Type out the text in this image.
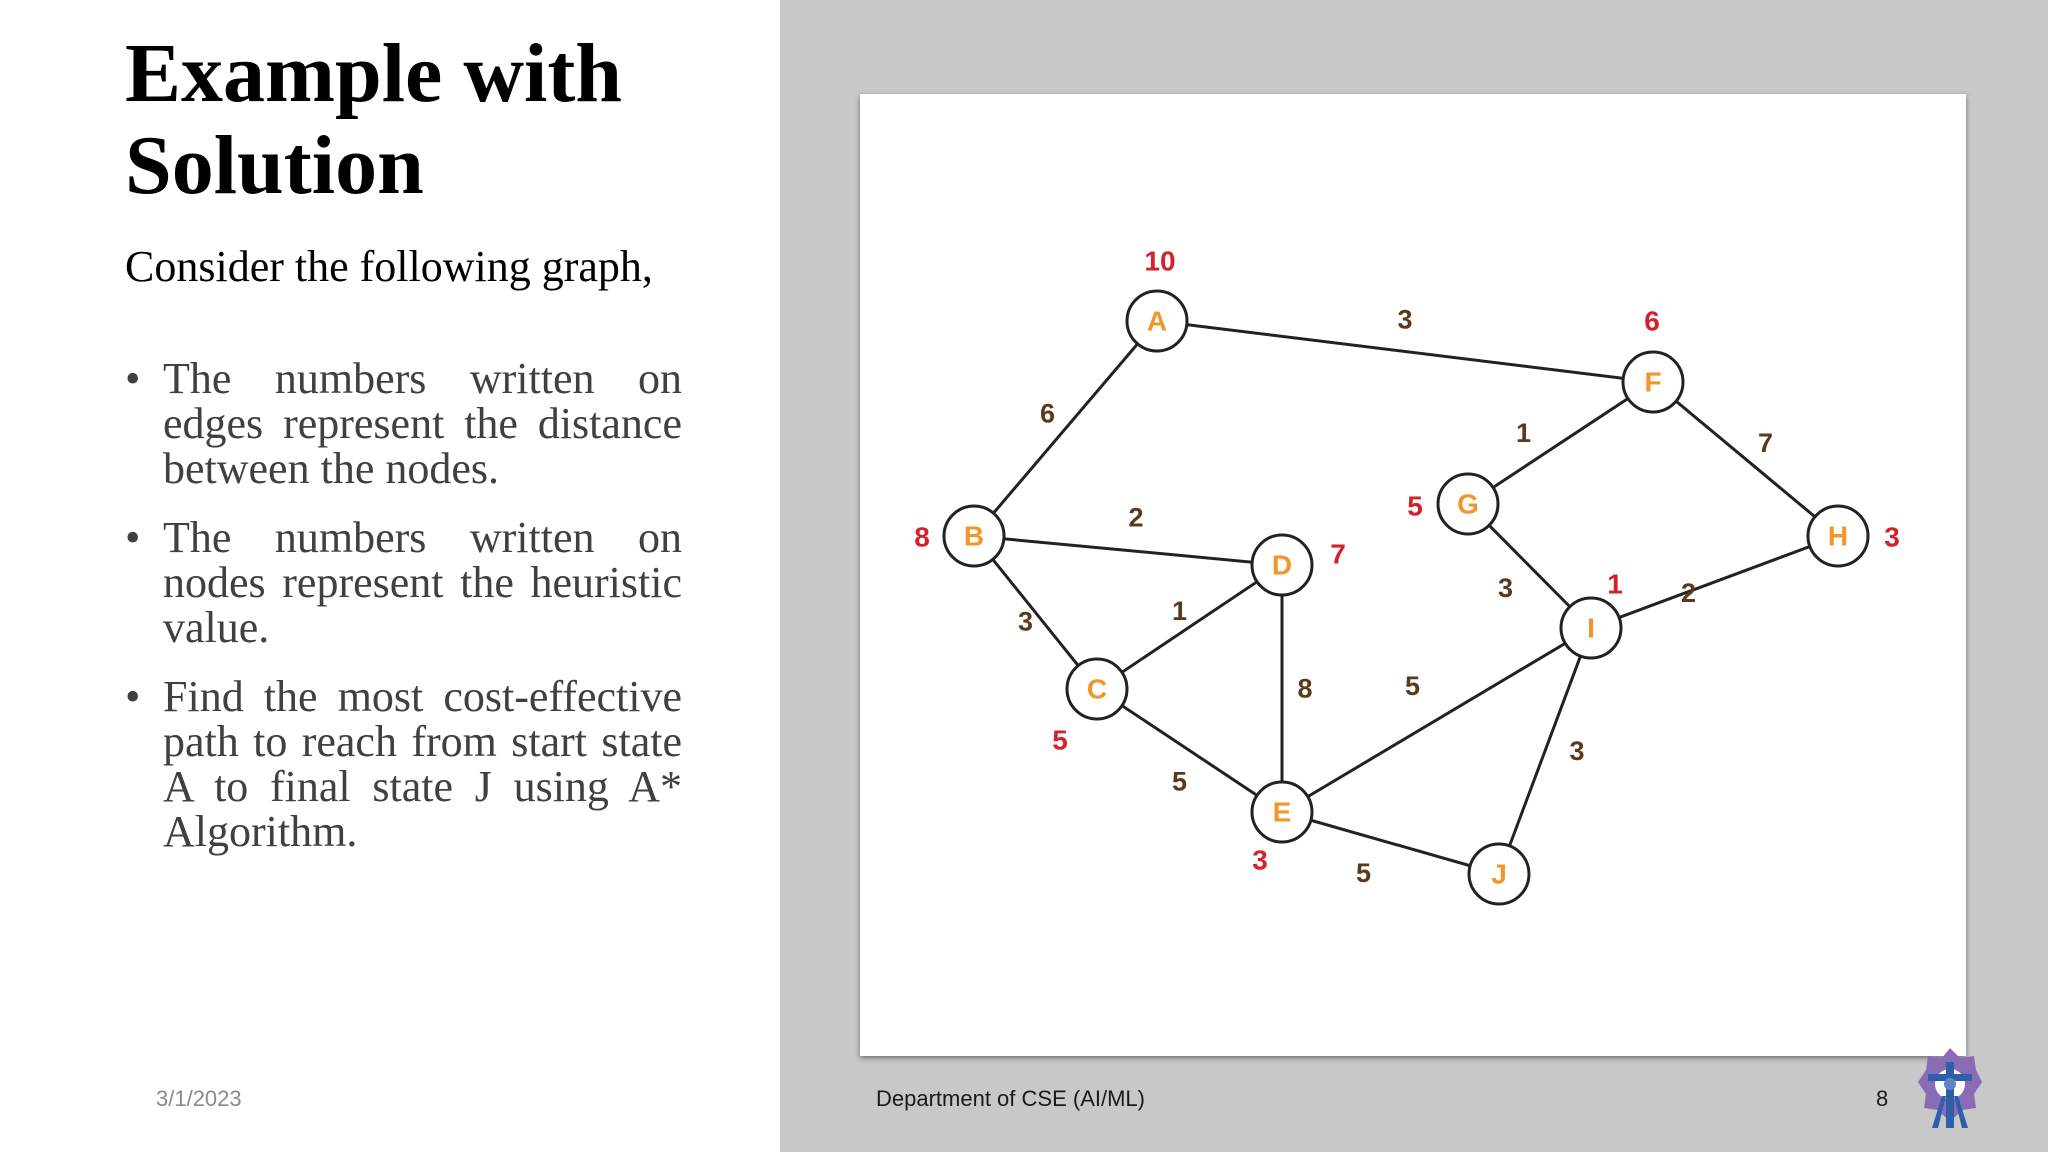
Example with Solution
Consider the following graph,
• The numbers written on edges represent the distance between the nodes.
• The numbers written on nodes represent the heuristic value.
• Find the most cost-effective path to reach from start state A to final state J using A* Algorithm.
A
B
C
D
E
F
G
H
I
J
3
6
2
3	1
5
8
1	7
3	2
5
3
5
10
8
5
7
3
6
5
3
1
3/1/2023	Department of CSE (AI/ML)	8
